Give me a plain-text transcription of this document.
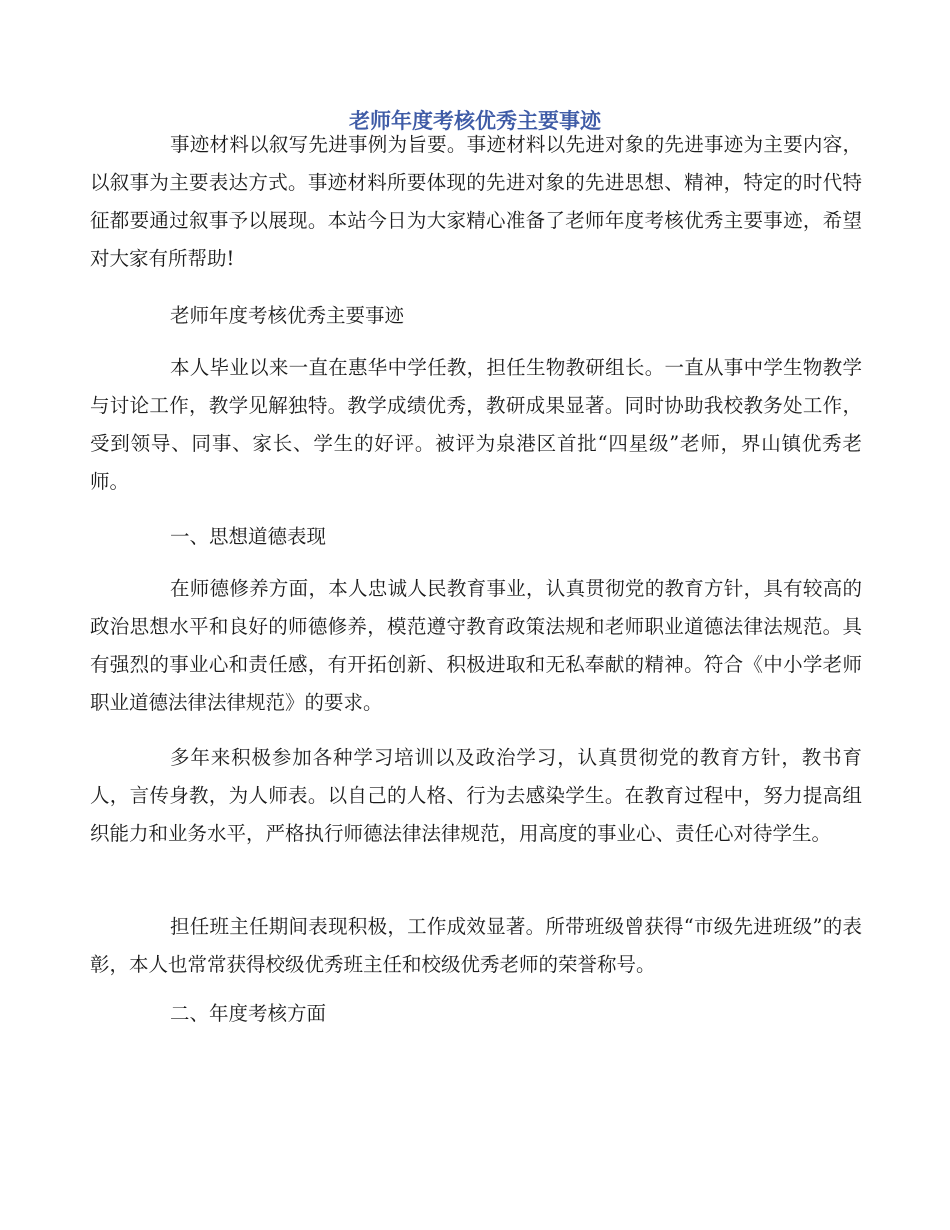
老师年度考核优秀主要事迹

事迹材料以叙写先进事例为旨要。事迹材料以先进对象的先进事迹为主要内容，以叙事为主要表达方式。事迹材料所要体现的先进对象的先进思想、精神，特定的时代特征都要通过叙事予以展现。本站今日为大家精心准备了老师年度考核优秀主要事迹，希望对大家有所帮助!

老师年度考核优秀主要事迹

本人毕业以来一直在惠华中学任教，担任生物教研组长。一直从事中学生物教学与讨论工作，教学见解独特。教学成绩优秀，教研成果显著。同时协助我校教务处工作，受到领导、同事、家长、学生的好评。被评为泉港区首批“四星级”老师，界山镇优秀老师。

一、思想道德表现

在师德修养方面，本人忠诚人民教育事业，认真贯彻党的教育方针，具有较高的政治思想水平和良好的师德修养，模范遵守教育政策法规和老师职业道德法律法规范。具有强烈的事业心和责任感，有开拓创新、积极进取和无私奉献的精神。符合《中小学老师职业道德法律法律规范》的要求。

多年来积极参加各种学习培训以及政治学习，认真贯彻党的教育方针，教书育人，言传身教，为人师表。以自己的人格、行为去感染学生。在教育过程中，努力提高组织能力和业务水平，严格执行师德法律法律规范，用高度的事业心、责任心对待学生。

担任班主任期间表现积极，工作成效显著。所带班级曾获得“市级先进班级”的表彰，本人也常常获得校级优秀班主任和校级优秀老师的荣誉称号。

二、年度考核方面
